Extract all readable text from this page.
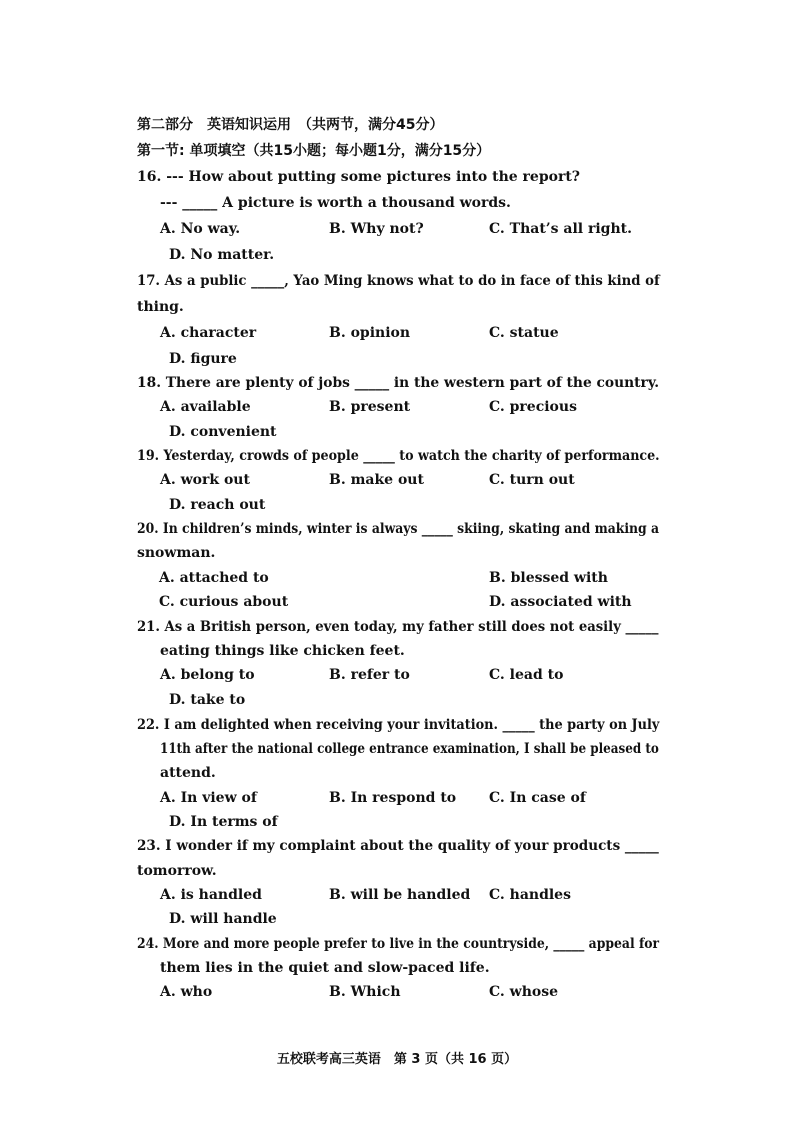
第二部分　英语知识运用　（共两节，满分45分）
第一节: 单项填空（共15小题；每小题1分，满分15分）
16. --- How about putting some pictures into the report?
--- _____ A picture is worth a thousand words.
A. No way.	B. Why not?	C. That’s all right.
D. No matter.
17. As a public _____, Yao Ming knows what to do in face of this kind of
thing.
A. character	B. opinion	C. statue
D. figure
18. There are plenty of jobs _____ in the western part of the country.
A. available	B. present	C. precious
D. convenient
19. Yesterday, crowds of people _____ to watch the charity of performance.
A. work out	B. make out	C. turn out
D. reach out
20. In children’s minds, winter is always _____ skiing, skating and making a
snowman.
A. attached to	B. blessed with
C. curious about	D. associated with
21. As a British person, even today, my father still does not easily _____
eating things like chicken feet.
A. belong to	B. refer to	C. lead to
D. take to
22. I am delighted when receiving your invitation. _____ the party on July
11th after the national college entrance examination, I shall be pleased to
attend.
A. In view of	B. In respond to C. In case of
D. In terms of
23. I wonder if my complaint about the quality of your products _____
tomorrow.
A. is handled	B. will be handled C. handles
D. will handle
24. More and more people prefer to live in the countryside, _____ appeal for
them lies in the quiet and slow-paced life.
A. who	B. Which	C. whose
五校联考高三英语　第 3 页（共 16 页）
